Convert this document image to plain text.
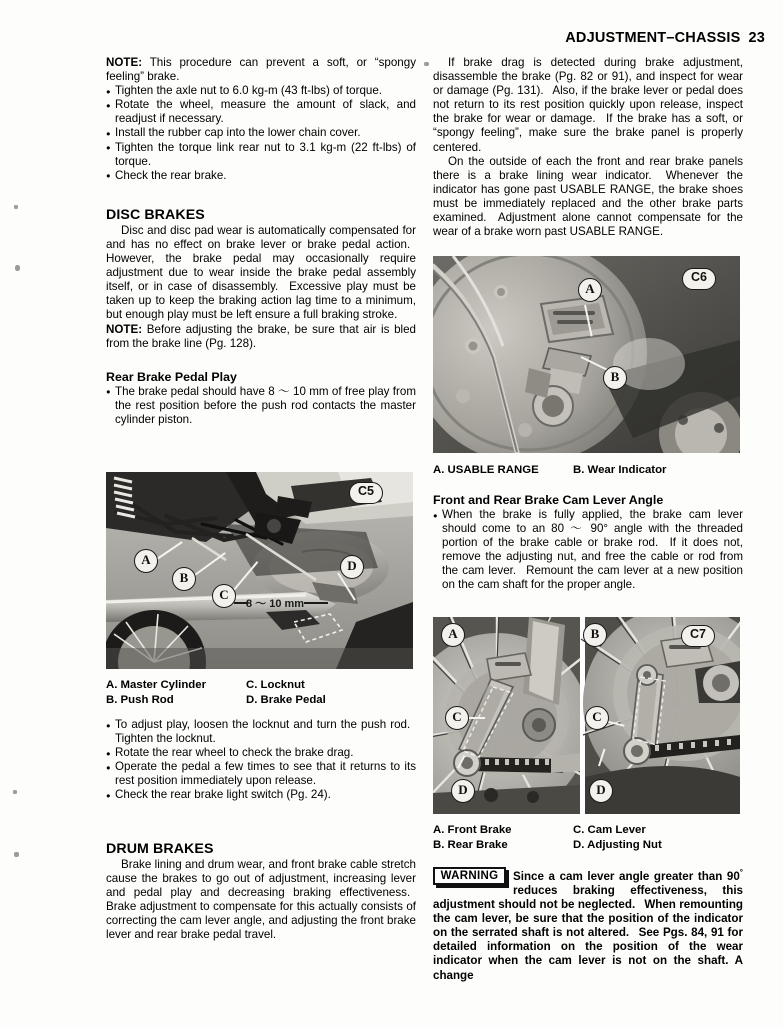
ADJUSTMENT–CHASSIS 23

NOTE: This procedure can prevent a soft, or “spongy feeling” brake.

● Tighten the axle nut to 6.0 kg-m (43 ft-lbs) of torque.

● Rotate the wheel, measure the amount of slack, and readjust if necessary.

● Install the rubber cap into the lower chain cover.

● Tighten the torque link rear nut to 3.1 kg-m (22 ft-lbs) of torque.

● Check the rear brake.

DISC BRAKES

Disc and disc pad wear is automatically compensated for and has no effect on brake lever or brake pedal action.  However, the brake pedal may occasionally require adjustment due to wear inside the brake pedal assembly itself, or in case of disassembly.  Excessive play must be taken up to keep the braking action lag time to a minimum, but enough play must be left ensure a full braking stroke.

NOTE: Before adjusting the brake, be sure that air is bled from the brake line (Pg. 128).

Rear Brake Pedal Play

● The brake pedal should have 8 ～ 10 mm of free play from the rest position before the push rod contacts the master cylinder piston.

A
B
C
D
C5
8 ～ 10 mm
A. Master Cylinder	C. Locknut
B. Push Rod	D. Brake Pedal

● To adjust play, loosen the locknut and turn the push rod.  Tighten the locknut.

● Rotate the rear wheel to check the brake drag.

● Operate the pedal a few times to see that it returns to its rest position immediately upon release.

● Check the rear brake light switch (Pg. 24).

DRUM BRAKES

Brake lining and drum wear, and front brake cable stretch cause the brakes to go out of adjustment, increasing lever and pedal play and decreasing braking effectiveness.  Brake adjustment to compensate for this actually consists of correcting the cam lever angle, and adjusting the front brake lever and rear brake pedal travel.

If brake drag is detected during brake adjustment, disassemble the brake (Pg. 82 or 91), and inspect for wear or damage (Pg. 131).  Also, if the brake lever or pedal does not return to its rest position quickly upon release, inspect the brake for wear or damage.  If the brake has a soft, or “spongy feeling”, make sure the brake panel is properly centered.

On the outside of each the front and rear brake panels there is a brake lining wear indicator.  Whenever the indicator has gone past USABLE RANGE, the brake shoes must be immediately replaced and the other brake parts examined.  Adjustment alone cannot compensate for the wear of a brake worn past USABLE RANGE.

A
B
C6
A. USABLE RANGE	B. Wear Indicator
Front and Rear Brake Cam Lever Angle

● When the brake is fully applied, the brake cam lever should come to an 80 ～ 90° angle with the threaded portion of the brake cable or brake rod.  If it does not, remove the adjusting nut, and free the cable or rod from the cam lever.  Remount the cam lever at a new position on the cam shaft for the proper angle.

A
C
D
B
C
D
C7
A. Front Brake	C. Cam Lever
B. Rear Brake	D. Adjusting Nut
WARNING	Since a cam lever angle greater than 90° reduces braking effectiveness, this adjustment should not be neglected.  When remounting the cam lever, be sure that the position of the indicator on the serrated shaft is not altered.  See Pgs. 84, 91 for detailed information on the position of the wear indicator when the cam lever is not on the shaft. A change
